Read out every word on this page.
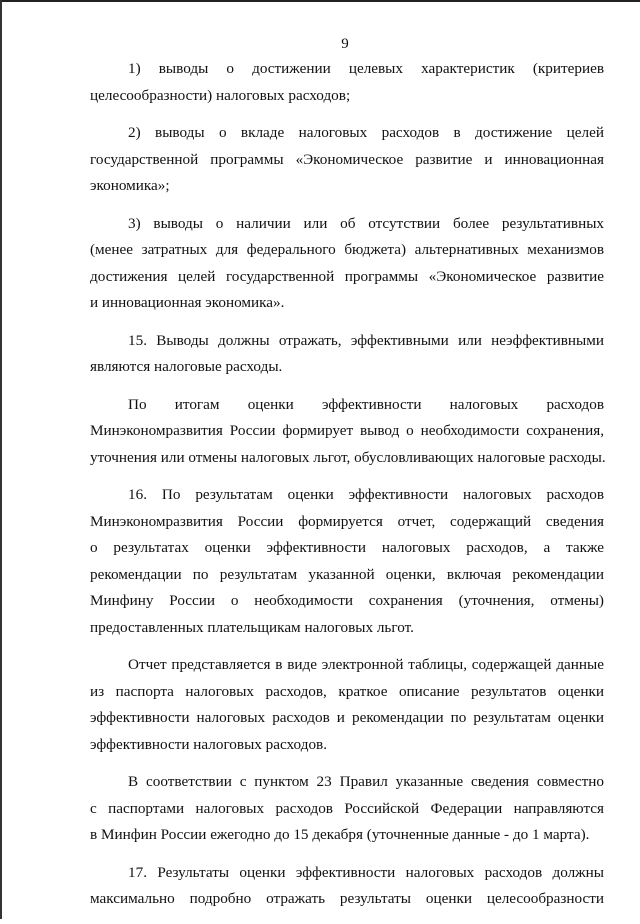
9

1) выводы о достижении целевых характеристик (критериев
целесообразности) налоговых расходов;

2) выводы о вкладе налоговых расходов в достижение целей
государственной программы «Экономическое развитие и инновационная
экономика»;

3) выводы о наличии или об отсутствии более результативных
(менее затратных для федерального бюджета) альтернативных механизмов
достижения целей государственной программы «Экономическое развитие
и инновационная экономика».

15. Выводы должны отражать, эффективными или неэффективными
являются налоговые расходы.

По итогам оценки эффективности налоговых расходов
Минэкономразвития России формирует вывод о необходимости сохранения,
уточнения или отмены налоговых льгот, обусловливающих налоговые расходы.

16. По результатам оценки эффективности налоговых расходов
Минэкономразвития России формируется отчет, содержащий сведения
о результатах оценки эффективности налоговых расходов, а также
рекомендации по результатам указанной оценки, включая рекомендации
Минфину России о необходимости сохранения (уточнения, отмены)
предоставленных плательщикам налоговых льгот.

Отчет представляется в виде электронной таблицы, содержащей данные
из паспорта налоговых расходов, краткое описание результатов оценки
эффективности налоговых расходов и рекомендации по результатам оценки
эффективности налоговых расходов.

В соответствии с пунктом 23 Правил указанные сведения совместно
с паспортами налоговых расходов Российской Федерации направляются
в Минфин России ежегодно до 15 декабря (уточненные данные - до 1 марта).

17. Результаты оценки эффективности налоговых расходов должны
максимально подробно отражать результаты оценки целесообразности
